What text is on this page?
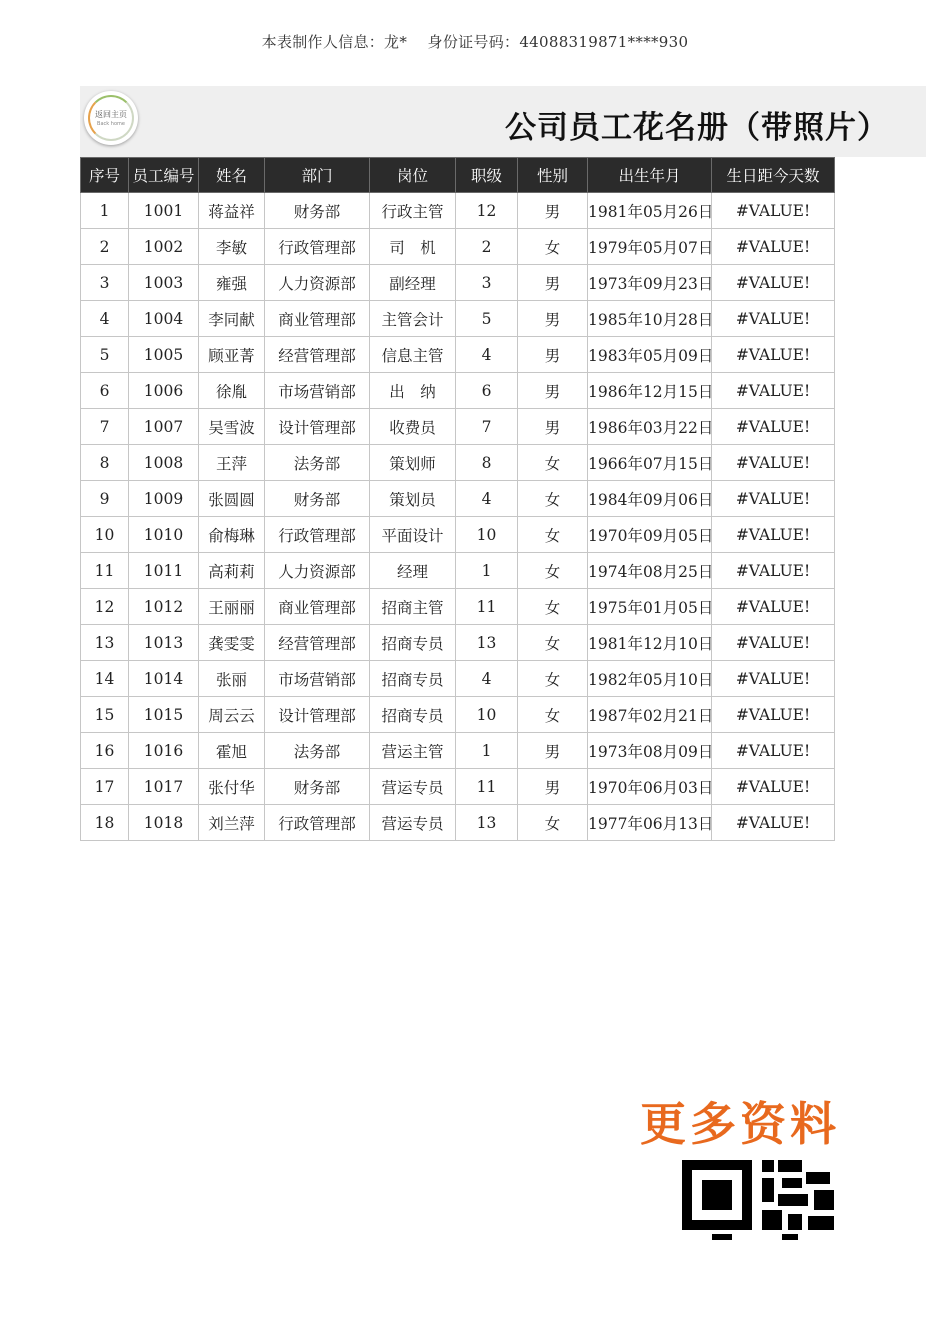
本表制作人信息：龙*　 身份证号码：44088319871****930
返回主页
Back home	公司员工花名册（带照片）
序号	员工编号	姓名	部门	岗位	职级	性别	出生年月	生日距今天数
1	1001	蒋益祥	财务部	行政主管	12	男	1981年05月26日	#VALUE!
2	1002	李敏	行政管理部	司　机	2	女	1979年05月07日	#VALUE!
3	1003	雍强	人力资源部	副经理	3	男	1973年09月23日	#VALUE!
4	1004	李同献	商业管理部	主管会计	5	男	1985年10月28日	#VALUE!
5	1005	顾亚菁	经营管理部	信息主管	4	男	1983年05月09日	#VALUE!
6	1006	徐胤	市场营销部	出　纳	6	男	1986年12月15日	#VALUE!
7	1007	吴雪波	设计管理部	收费员	7	男	1986年03月22日	#VALUE!
8	1008	王萍	法务部	策划师	8	女	1966年07月15日	#VALUE!
9	1009	张圆圆	财务部	策划员	4	女	1984年09月06日	#VALUE!
10	1010	俞梅琳	行政管理部	平面设计	10	女	1970年09月05日	#VALUE!
11	1011	高莉莉	人力资源部	经理	1	女	1974年08月25日	#VALUE!
12	1012	王丽丽	商业管理部	招商主管	11	女	1975年01月05日	#VALUE!
13	1013	龚雯雯	经营管理部	招商专员	13	女	1981年12月10日	#VALUE!
14	1014	张丽	市场营销部	招商专员	4	女	1982年05月10日	#VALUE!
15	1015	周云云	设计管理部	招商专员	10	女	1987年02月21日	#VALUE!
16	1016	霍旭	法务部	营运主管	1	男	1973年08月09日	#VALUE!
17	1017	张付华	财务部	营运专员	11	男	1970年06月03日	#VALUE!
18	1018	刘兰萍	行政管理部	营运专员	13	女	1977年06月13日	#VALUE!
更多资料
